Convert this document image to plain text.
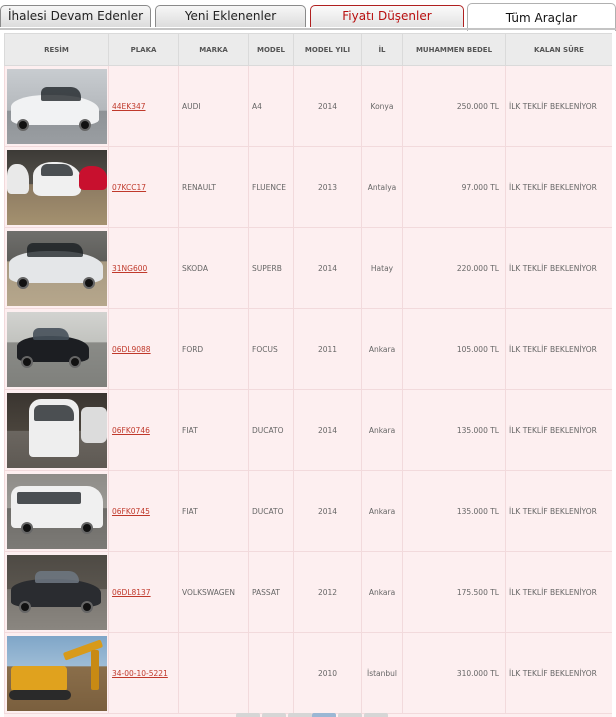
İhalesi Devam Edenler	Yeni Eklenenler	Fiyatı Düşenler	Tüm Araçlar
RESİM	PLAKA	MARKA	MODEL	MODEL YILI	İL	MUHAMMEN BEDEL	KALAN SÜRE

	44EK347	AUDI	A4	2014	Konya	250.000 TL	İLK TEKLİF BEKLENİYOR

	07KCC17	RENAULT	FLUENCE	2013	Antalya	97.000 TL	İLK TEKLİF BEKLENİYOR

	31NG600	SKODA	SUPERB	2014	Hatay	220.000 TL	İLK TEKLİF BEKLENİYOR

	06DL9088	FORD	FOCUS	2011	Ankara	105.000 TL	İLK TEKLİF BEKLENİYOR

	06FK0746	FIAT	DUCATO	2014	Ankara	135.000 TL	İLK TEKLİF BEKLENİYOR

	06FK0745	FIAT	DUCATO	2014	Ankara	135.000 TL	İLK TEKLİF BEKLENİYOR

	06DL8137	VOLKSWAGEN	PASSAT	2012	Ankara	175.500 TL	İLK TEKLİF BEKLENİYOR

	34-00-10-5221			2010	İstanbul	310.000 TL	İLK TEKLİF BEKLENİYOR
